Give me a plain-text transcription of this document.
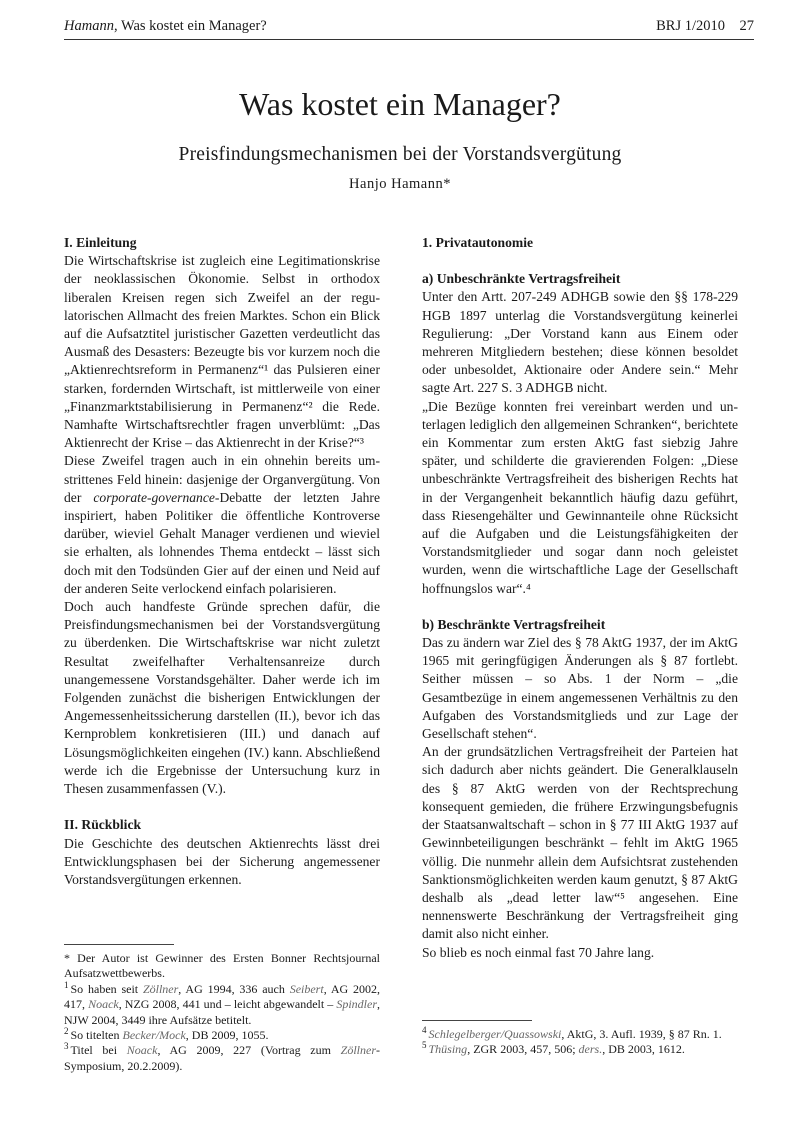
Hamann, Was kostet ein Manager?	BRJ 1/2010 27
Was kostet ein Manager?
Preisfindungsmechanismen bei der Vorstandsvergütung
Hanjo Hamann*
I. Einleitung

Die Wirtschaftskrise ist zugleich eine Legitimationskrise der neoklassischen Ökonomie. Selbst in orthodox liberalen Kreisen regen sich Zweifel an der regulatorischen Allmacht des freien Marktes. Schon ein Blick auf die Aufsatztitel juristischer Gazetten verdeutlicht das Ausmaß des Desasters: Bezeugte bis vor kurzem noch die „Aktienrechtsreform in Permanenz“¹ das Pulsieren einer starken, fordernden Wirtschaft, ist mittlerweile von einer „Finanzmarktstabilisierung in Permanenz“² die Rede. Namhafte Wirtschaftsrechtler fragen unverblümt: „Das Aktienrecht der Krise – das Aktienrecht in der Krise?“³

Diese Zweifel tragen auch in ein ohnehin bereits umstrittenes Feld hinein: dasjenige der Organvergütung. Von der corporate-governance-Debatte der letzten Jahre inspiriert, haben Politiker die öffentliche Kontroverse darüber, wieviel Gehalt Manager verdienen und wieviel sie erhalten, als lohnendes Thema entdeckt – lässt sich doch mit den Todsünden Gier auf der einen und Neid auf der anderen Seite verlockend einfach polarisieren.

Doch auch handfeste Gründe sprechen dafür, die Preisfindungsmechanismen bei der Vorstandsvergütung zu überdenken. Die Wirtschaftskrise war nicht zuletzt Resultat zweifelhafter Verhaltensanreize durch unangemessene Vorstandsgehälter. Daher werde ich im Folgenden zunächst die bisherigen Entwicklungen der Angemessenheitssicherung darstellen (II.), bevor ich das Kernproblem konkretisieren (III.) und danach auf Lösungsmöglichkeiten eingehen (IV.) kann. Abschließend werde ich die Ergebnisse der Untersuchung kurz in Thesen zusammenfassen (V.).

II. Rückblick

Die Geschichte des deutschen Aktienrechts lässt drei Entwicklungsphasen bei der Sicherung angemessener Vorstandsvergütungen erkennen.

* Der Autor ist Gewinner des Ersten Bonner Rechtsjournal Aufsatzwettbewerbs.

$^1$ So haben seit Zöllner, AG 1994, 336 auch Seibert, AG 2002, 417, Noack, NZG 2008, 441 und – leicht abgewandelt – Spindler, NJW 2004, 3449 ihre Aufsätze betitelt.

$^2$ So titelten Becker/Mock, DB 2009, 1055.

$^3$ Titel bei Noack, AG 2009, 227 (Vortrag zum Zöllner-Symposium, 20.2.2009).

1. Privatautonomie
a) Unbeschränkte Vertragsfreiheit

Unter den Artt. 207-249 ADHGB sowie den §§ 178-229 HGB 1897 unterlag die Vorstandsvergütung keinerlei Regulierung: „Der Vorstand kann aus Einem oder mehreren Mitgliedern bestehen; diese können besoldet oder unbesoldet, Aktionaire oder Andere sein.“ Mehr sagte Art. 227 S. 3 ADHGB nicht.

„Die Bezüge konnten frei vereinbart werden und unterlagen lediglich den allgemeinen Schranken“, berichtete ein Kommentar zum ersten AktG fast siebzig Jahre später, und schilderte die gravierenden Folgen: „Diese unbeschränkte Vertragsfreiheit des bisherigen Rechts hat in der Vergangenheit bekanntlich häufig dazu geführt, dass Riesengehälter und Gewinnanteile ohne Rücksicht auf die Aufgaben und die Leistungsfähigkeiten der Vorstandsmitglieder und sogar dann noch geleistet wurden, wenn die wirtschaftliche Lage der Gesellschaft hoffnungslos war“.⁴

b) Beschränkte Vertragsfreiheit

Das zu ändern war Ziel des § 78 AktG 1937, der im AktG 1965 mit geringfügigen Änderungen als § 87 fortlebt. Seither müssen – so Abs. 1 der Norm – „die Gesamtbezüge in einem angemessenen Verhältnis zu den Aufgaben des Vorstandsmitglieds und zur Lage der Gesellschaft stehen“.

An der grundsätzlichen Vertragsfreiheit der Parteien hat sich dadurch aber nichts geändert. Die Generalklauseln des § 87 AktG werden von der Rechtsprechung konsequent gemieden, die frühere Erzwingungsbefugnis der Staatsanwaltschaft – schon in § 77 III AktG 1937 auf Gewinnbeteiligungen beschränkt – fehlt im AktG 1965 völlig. Die nunmehr allein dem Aufsichtsrat zustehenden Sanktionsmöglichkeiten werden kaum genutzt, § 87 AktG deshalb als „dead letter law“⁵ angesehen. Eine nennenswerte Beschränkung der Vertragsfreiheit ging damit also nicht einher.

So blieb es noch einmal fast 70 Jahre lang.

$^4$ Schlegelberger/Quassowski, AktG, 3. Aufl. 1939, § 87 Rn. 1.

$^5$ Thüsing, ZGR 2003, 457, 506; ders., DB 2003, 1612.
